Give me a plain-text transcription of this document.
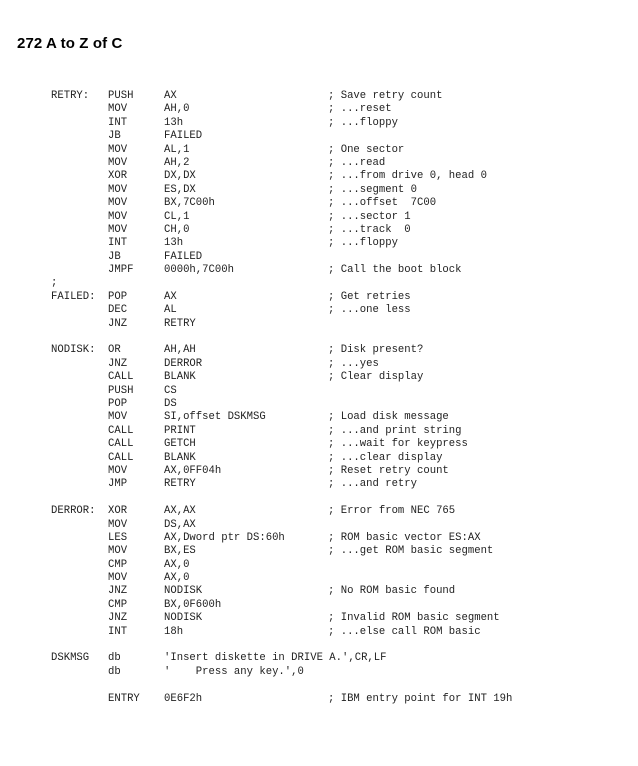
272 A to Z of C
RETRY: PUSH	AX	; Save retry count
MOV	AH,0	; ...reset
INT	13h	; ...floppy
JB	FAILED
MOV	AL,1	; One sector
MOV	AH,2	; ...read
XOR	DX,DX	; ...from drive 0, head 0
MOV	ES,DX	; ...segment 0
MOV	BX,7C00h	; ...offset  7C00
MOV	CL,1	; ...sector 1
MOV	CH,0	; ...track  0
INT	13h	; ...floppy
JB	FAILED
JMPF	0000h,7C00h	; Call the boot block
;
FAILED: POP	AX	; Get retries
DEC	AL	; ...one less
JNZ	RETRY
NODISK: OR	AH,AH	; Disk present?
JNZ	DERROR	; ...yes
CALL	BLANK	; Clear display
PUSH	CS
POP	DS
MOV	SI,offset DSKMSG	; Load disk message
CALL	PRINT	; ...and print string
CALL	GETCH	; ...wait for keypress
CALL	BLANK	; ...clear display
MOV	AX,0FF04h	; Reset retry count
JMP	RETRY	; ...and retry
DERROR: XOR	AX,AX	; Error from NEC 765
MOV	DS,AX
LES	AX,Dword ptr DS:60h	; ROM basic vector ES:AX
MOV	BX,ES	; ...get ROM basic segment
CMP	AX,0
MOV	AX,0
JNZ	NODISK	; No ROM basic found
CMP	BX,0F600h
JNZ	NODISK	; Invalid ROM basic segment
INT	18h	; ...else call ROM basic
DSKMSG db	'Insert diskette in DRIVE A.',CR,LF
db	'    Press any key.',0
ENTRY 0E6F2h	; IBM entry point for INT 19h
